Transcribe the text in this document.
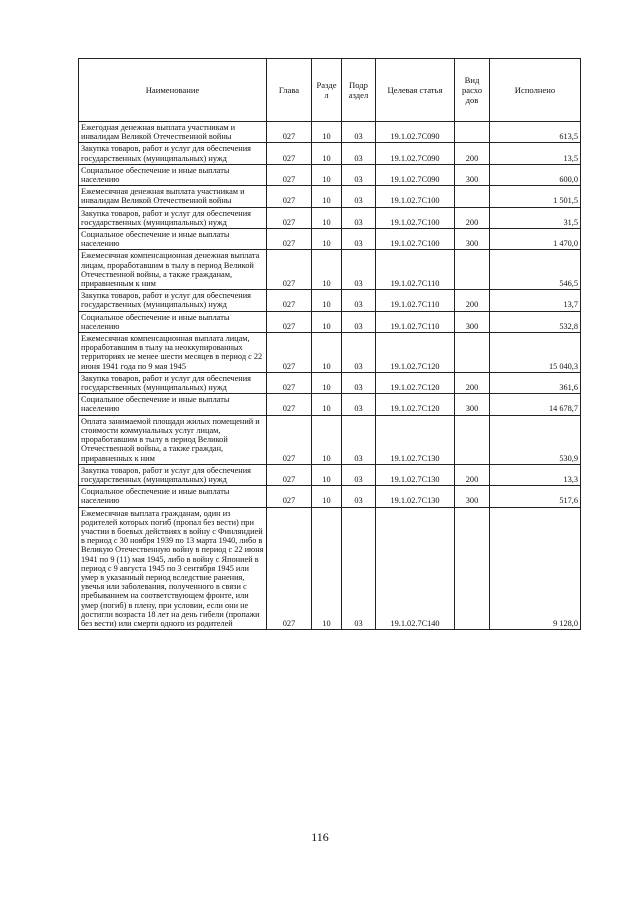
Наименование	Глава	Разде л	Подр аздел	Целевая статья	Вид расхо дов	Исполнено
Ежегодная денежная выплата участникам и инвалидам Великой Отечественной войны	027	10	03	19.1.02.7С090		613,5
Закупка товаров, работ и услуг для обеспечения государственных (муниципальных) нужд	027	10	03	19.1.02.7С090	200	13,5
Социальное обеспечение и иные выплаты населению	027	10	03	19.1.02.7С090	300	600,0
Ежемесячная денежная выплата участникам и инвалидам Великой Отечественной войны	027	10	03	19.1.02.7С100		1 501,5
Закупка товаров, работ и услуг для обеспечения государственных (муниципальных) нужд	027	10	03	19.1.02.7С100	200	31,5
Социальное обеспечение и иные выплаты населению	027	10	03	19.1.02.7С100	300	1 470,0
Ежемесячная компенсационная денежная выплата лицам, проработавшим в тылу в период Великой Отечественной войны, а также гражданам, приравненным к ним	027	10	03	19.1.02.7С110		546,5
Закупка товаров, работ и услуг для обеспечения государственных (муниципальных) нужд	027	10	03	19.1.02.7С110	200	13,7
Социальное обеспечение и иные выплаты населению	027	10	03	19.1.02.7С110	300	532,8
Ежемесячная компенсационная выплата лицам, проработавшим в тылу на неоккупированных территориях не менее шести месяцев в период с 22 июня 1941 года по 9 мая 1945	027	10	03	19.1.02.7С120		15 040,3
Закупка товаров, работ и услуг для обеспечения государственных (муниципальных) нужд	027	10	03	19.1.02.7С120	200	361,6
Социальное обеспечение и иные выплаты населению	027	10	03	19.1.02.7С120	300	14 678,7
Оплата занимаемой площади жилых помещений и стоимости коммунальных услуг лицам, проработавшим в тылу в период Великой Отечественной войны, а также граждан, приравненных к ним	027	10	03	19.1.02.7С130		530,9
Закупка товаров, работ и услуг для обеспечения государственных (муниципальных) нужд	027	10	03	19.1.02.7С130	200	13,3
Социальное обеспечение и иные выплаты населению	027	10	03	19.1.02.7С130	300	517,6
Ежемесячная выплата гражданам, один из родителей которых погиб (пропал без вести) при участии в боевых действиях в войну с Финляндией в период с 30 ноября 1939 по 13 марта 1940, либо в Великую Отечественную войну в период с 22 июня 1941 по 9 (11) мая 1945, либо в войну с Японией в период с 9 августа 1945 по 3 сентября 1945 или умер в указанный период вследствие ранения, увечья или заболевания, полученного в связи с пребыванием на соответствующем фронте, или умер (погиб) в плену, при условии, если они не достигли возраста 18 лет на день гибели (пропажи без вести) или смерти одного из родителей	027	10	03	19.1.02.7С140		9 128,0
116
